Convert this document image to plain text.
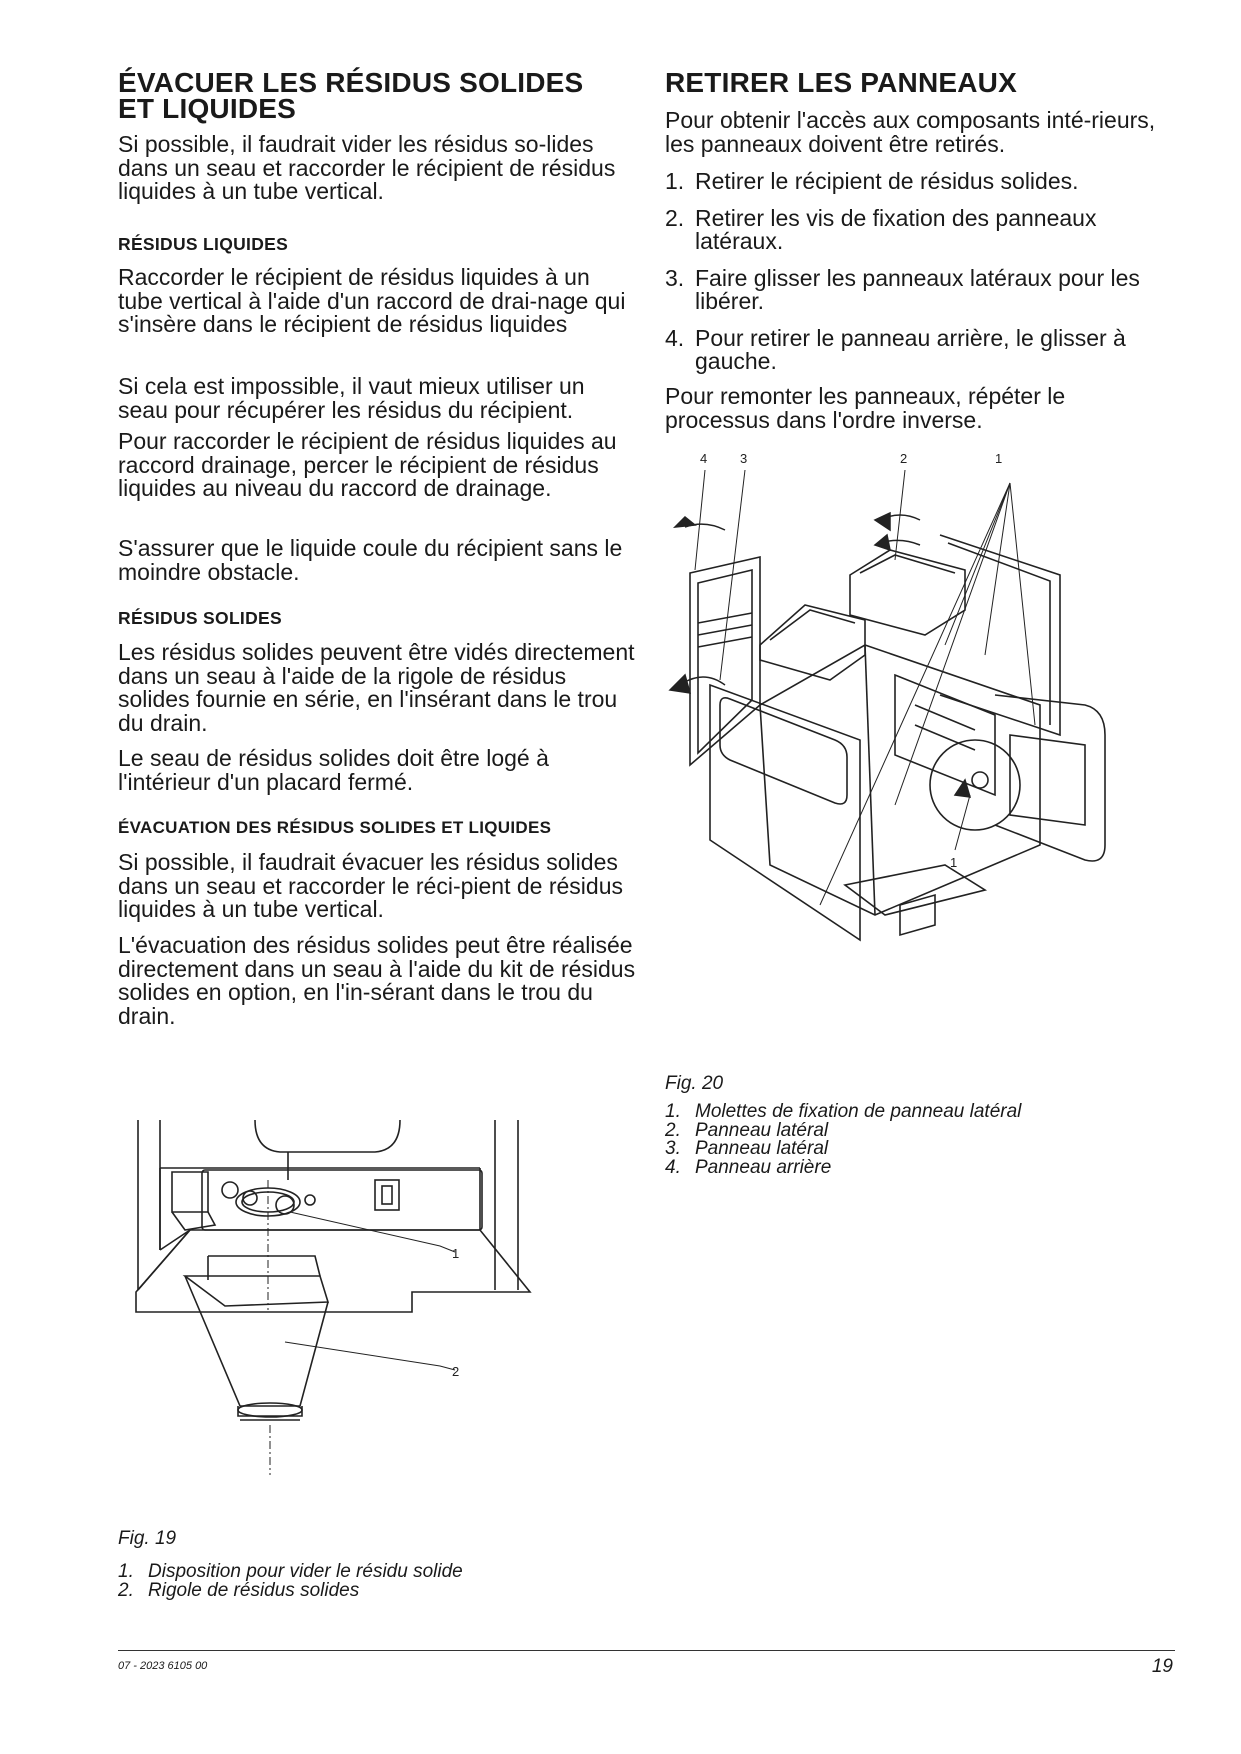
ÉVACUER LES RÉSIDUS SOLIDES
ET LIQUIDES

Si possible, il faudrait vider les résidus so-lides dans un seau et raccorder le récipient de résidus liquides à un tube vertical.

RÉSIDUS LIQUIDES

Raccorder le récipient de résidus liquides à un tube vertical à l'aide d'un raccord de drai-nage qui s'insère dans le récipient de résidus liquides

Si cela est impossible, il vaut mieux utiliser un seau pour récupérer les résidus du récipient.

Pour raccorder le récipient de résidus liquides au raccord drainage, percer le récipient de résidus liquides au niveau du raccord de drainage.

S'assurer que le liquide coule du récipient sans le moindre obstacle.

RÉSIDUS SOLIDES

Les résidus solides peuvent être vidés directement dans un seau à l'aide de la rigole de résidus solides fournie en série, en l'insérant dans le trou du drain.

Le seau de résidus solides doit être logé à l'intérieur d'un placard fermé.

ÉVACUATION DES RÉSIDUS SOLIDES ET LIQUIDES

Si possible, il faudrait évacuer les résidus solides dans un seau et raccorder le réci-pient de résidus liquides à un tube vertical.

L'évacuation des résidus solides peut être réalisée directement dans un seau à l'aide du kit de résidus solides en option, en l'in-sérant dans le trou du drain.

Fig. 19
1. Disposition pour vider le résidu solide
2. Rigole de résidus solides
1
2
RETIRER LES PANNEAUX

Pour obtenir l'accès aux composants inté-rieurs, les panneaux doivent être retirés.

1. Retirer le récipient de résidus solides.
2. Retirer les vis de fixation des panneaux latéraux.
3. Faire glisser les panneaux latéraux pour les libérer.
4. Pour retirer le panneau arrière, le glisser à gauche.

Pour remonter les panneaux, répéter le processus dans l'ordre inverse.

Fig. 20
1. Molettes de fixation de panneau latéral
2. Panneau latéral
3. Panneau latéral
4. Panneau arrière
4	3	2	1
1
07 - 2023 6105 00	19
